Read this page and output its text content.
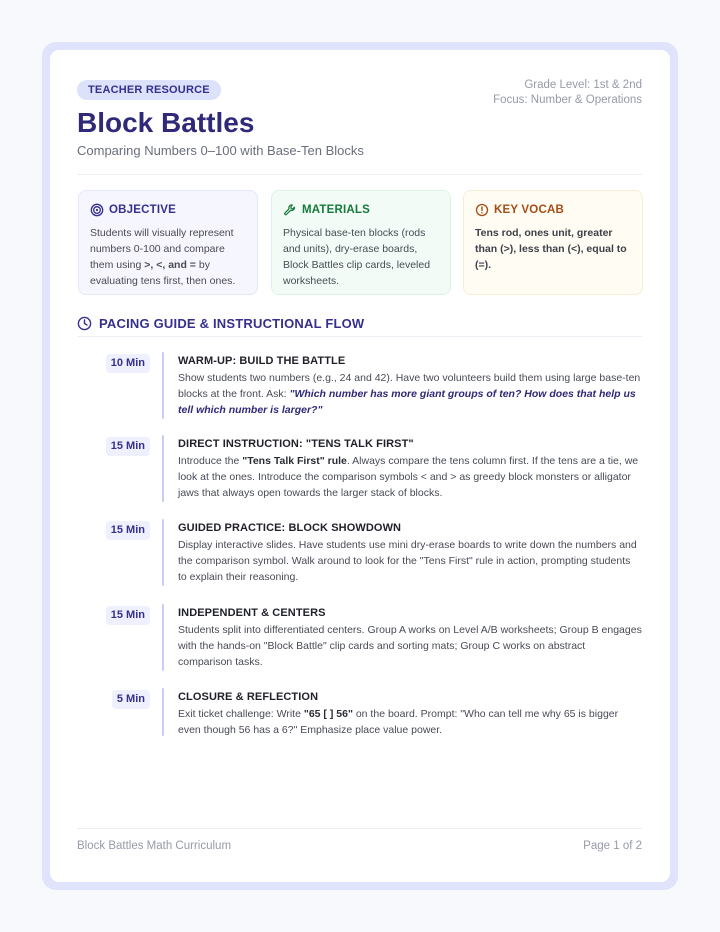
TEACHER RESOURCE	Grade Level: 1st & 2nd
Focus: Number & Operations
Block Battles
Comparing Numbers 0–100 with Base-Ten Blocks
OBJECTIVE
Students will visually represent numbers 0-100 and compare them using >, <, and = by evaluating tens first, then ones.
MATERIALS
Physical base-ten blocks (rods and units), dry-erase boards, Block Battles clip cards, leveled worksheets.
KEY VOCAB
Tens rod, ones unit, greater than (>), less than (<), equal to (=).
PACING GUIDE & INSTRUCTIONAL FLOW
10 Min	WARM-UP: BUILD THE BATTLE
Show students two numbers (e.g., 24 and 42). Have two volunteers build them using large base-ten blocks at the front. Ask: "Which number has more giant groups of ten? How does that help us tell which number is larger?"
15 Min	DIRECT INSTRUCTION: "TENS TALK FIRST"
Introduce the "Tens Talk First" rule. Always compare the tens column first. If the tens are a tie, we look at the ones. Introduce the comparison symbols < and > as greedy block monsters or alligator jaws that always open towards the larger stack of blocks.
15 Min	GUIDED PRACTICE: BLOCK SHOWDOWN
Display interactive slides. Have students use mini dry-erase boards to write down the numbers and the comparison symbol. Walk around to look for the "Tens First" rule in action, prompting students to explain their reasoning.
15 Min	INDEPENDENT & CENTERS
Students split into differentiated centers. Group A works on Level A/B worksheets; Group B engages with the hands-on "Block Battle" clip cards and sorting mats; Group C works on abstract comparison tasks.
5 Min	CLOSURE & REFLECTION
Exit ticket challenge: Write "65 [ ] 56" on the board. Prompt: "Who can tell me why 65 is bigger even though 56 has a 6?" Emphasize place value power.
Block Battles Math Curriculum	Page 1 of 2
